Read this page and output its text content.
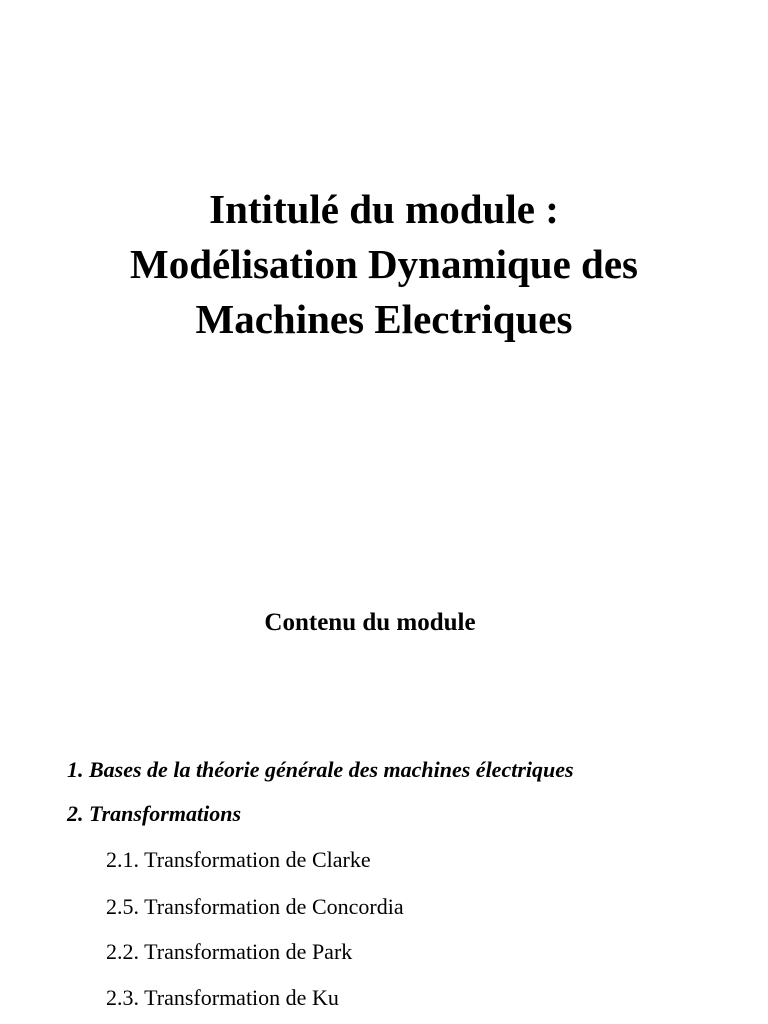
Intitulé du module :
Modélisation Dynamique des
Machines Electriques
Contenu du module
1. Bases de la théorie générale des machines électriques
2. Transformations
2.1. Transformation de Clarke
2.5. Transformation de Concordia
2.2. Transformation de Park
2.3. Transformation de Ku
